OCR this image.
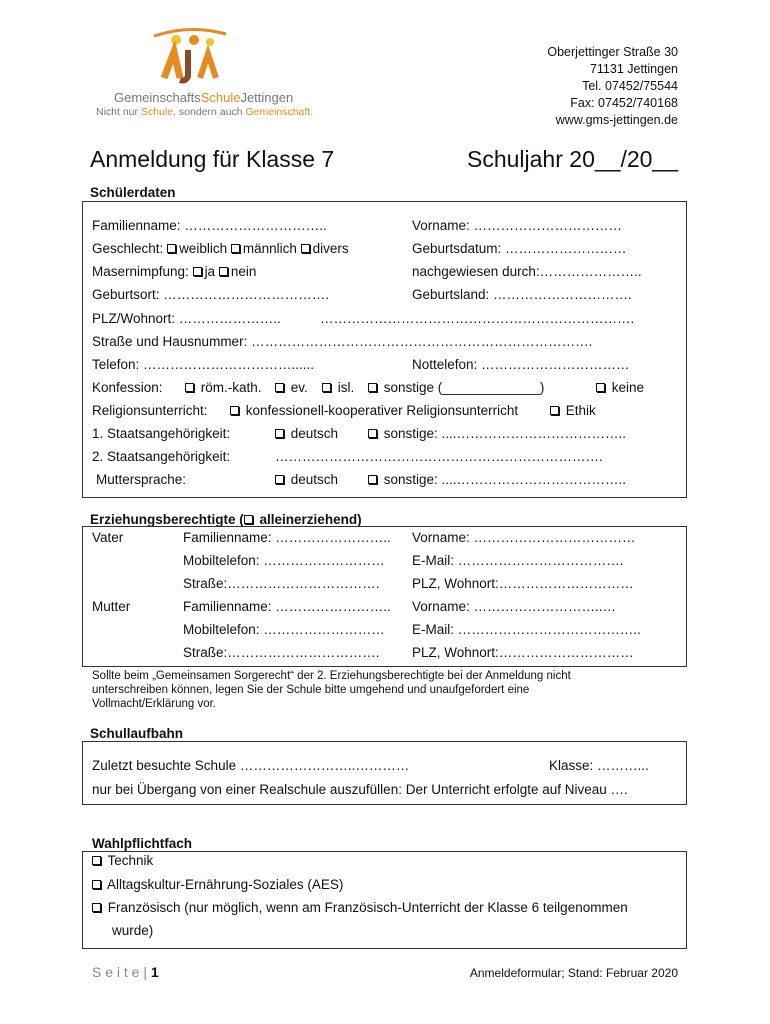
GemeinschaftsSchuleJettingen
Nicht nur Schule, sondern auch Gemeinschaft.
Oberjettinger Straße 30
71131 Jettingen
Tel. 07452/75544
Fax: 07452/740168
www.gms-jettingen.de
Anmeldung für Klasse 7	Schuljahr 20__/20__
Schülerdaten
Familienname: …………………………..	Vorname: ……………………………
Geschlecht: weiblich männlich divers	Geburtsdatum: ………………………
Masernimpfung: ja nein	nachgewiesen durch:…………………..
Geburtsort: ……………………………….	Geburtsland: ………………………….
PLZ/Wohnort: …………………..	…………………………………………………………….
Straße und Hausnummer: ………………………………………………………………….
Telefon: ……………………………......	Nottelefon: ……………………………
Konfession:	röm.-kath.	ev.	isl.	sonstige (_____________)	keine
Religionsunterricht:	konfessionell-kooperativer Religionsunterricht	Ethik
1. Staatsangehörigkeit:	deutsch	sonstige: ....………………………………..
2. Staatsangehörigkeit:	……………………………………………………………….
Muttersprache:	deutsch	sonstige: ....………………………………..
Erziehungsberechtigte ( alleinerziehend)
Vater	Familienname: …………………….. Vorname: ………………………………
Mobiltelefon: ……………………… E-Mail: ……………………………….
Straße:……………………………. PLZ, Wohnort:…………………………
Mutter	Familienname: …………………….. Vorname: ………………………..…
Mobiltelefon: ……………………… E-Mail: …………………………………..
Straße:……………………………. PLZ, Wohnort:…………………………
Sollte beim „Gemeinsamen Sorgerecht“ der 2. Erziehungsberechtigte bei der Anmeldung nicht
unterschreiben können, legen Sie der Schule bitte umgehend und unaufgefordert eine
Vollmacht/Erklärung vor.
Schullaufbahn
Zuletzt besuchte Schule ……………………..…………	Klasse: ………...
nur bei Übergang von einer Realschule auszufüllen: Der Unterricht erfolgte auf Niveau ….
Wahlpflichtfach
Technik
Alltagskultur-Ernährung-Soziales (AES)
Französisch (nur möglich, wenn am Französisch-Unterricht der Klasse 6 teilgenommen
wurde)
S e i t e | 1	Anmeldeformular; Stand: Februar 2020
